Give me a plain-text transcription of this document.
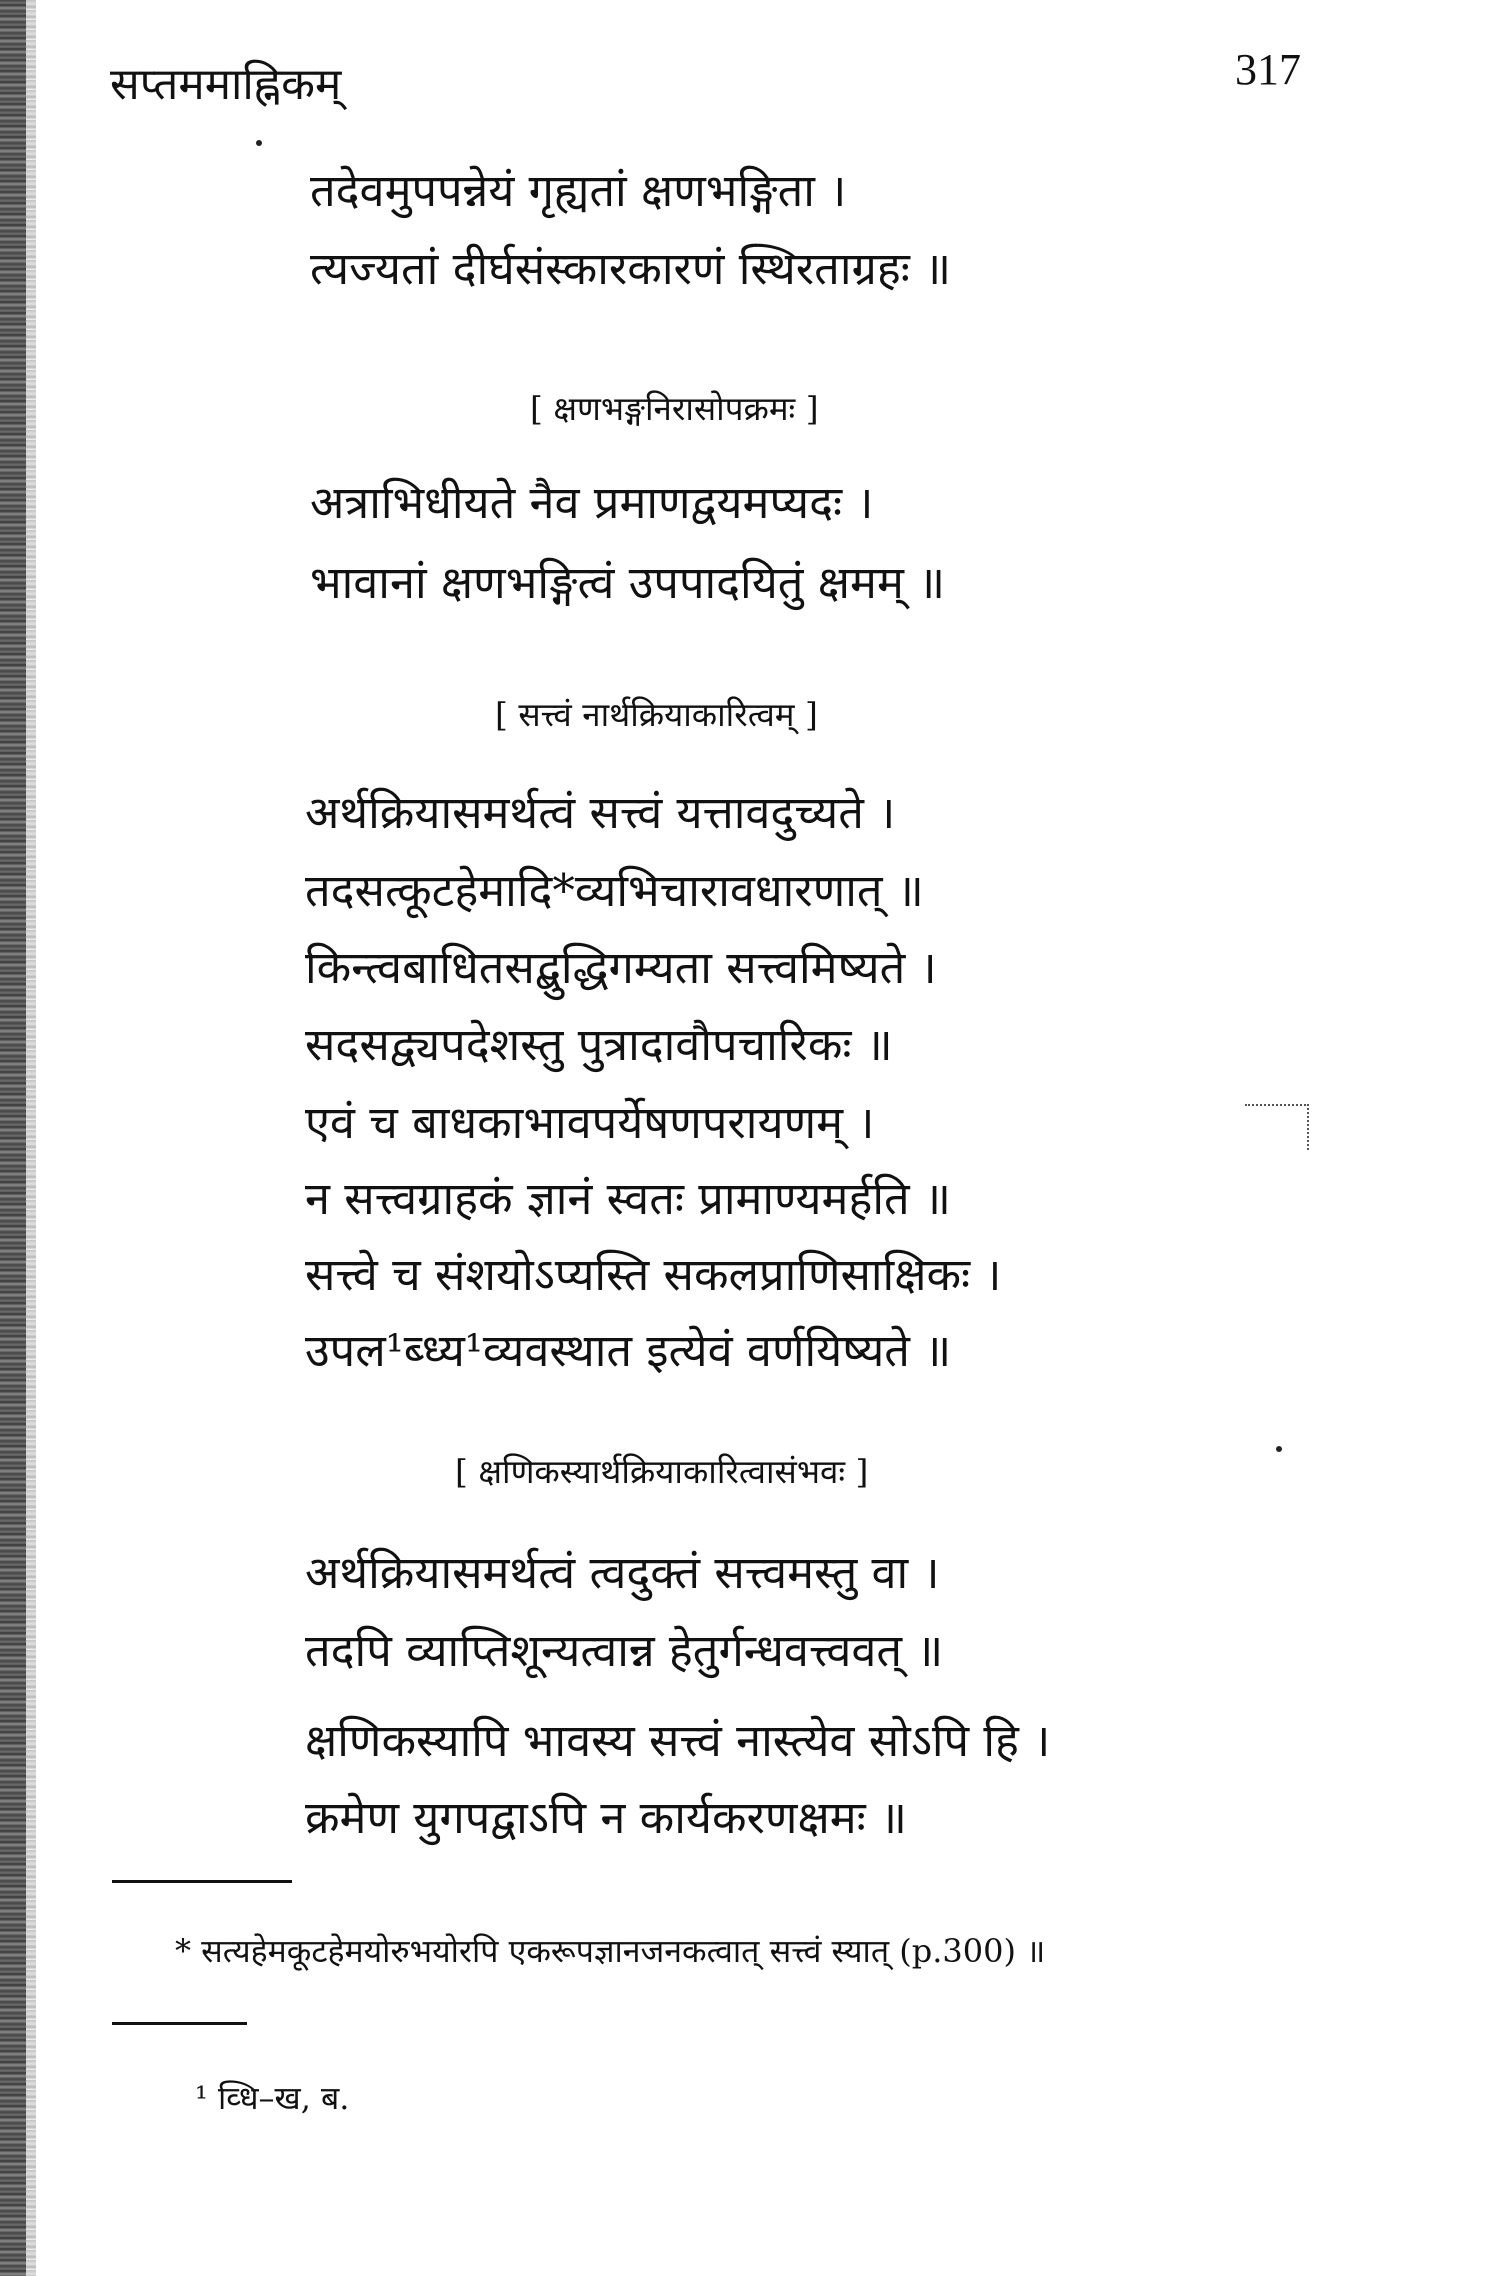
सप्तममाह्निकम्	317
तदेवमुपपन्नेयं गृह्यतां क्षणभङ्गिता ।
त्यज्यतां दीर्घसंस्कारकारणं स्थिरताग्रहः ॥
[ क्षणभङ्गनिरासोपक्रमः ]
अत्राभिधीयते नैव प्रमाणद्वयमप्यदः ।
भावानां क्षणभङ्गित्वं उपपादयितुं क्षमम् ॥
[ सत्त्वं नार्थक्रियाकारित्वम् ]
अर्थक्रियासमर्थत्वं सत्त्वं यत्तावदुच्यते ।
तदसत्कूटहेमादि*व्यभिचारावधारणात् ॥
किन्त्वबाधितसद्बुद्धिगम्यता सत्त्वमिष्यते ।
सदसद्व्यपदेशस्तु पुत्रादावौपचारिकः ॥
एवं च बाधकाभावपर्येषणपरायणम् ।
न सत्त्वग्राहकं ज्ञानं स्वतः प्रामाण्यमर्हति ॥
सत्त्वे च संशयोऽप्यस्ति सकलप्राणिसाक्षिकः ।
उपल¹ब्ध्य¹व्यवस्थात इत्येवं वर्णयिष्यते ॥
[ क्षणिकस्यार्थक्रियाकारित्वासंभवः ]
अर्थक्रियासमर्थत्वं त्वदुक्तं सत्त्वमस्तु वा ।
तदपि व्याप्तिशून्यत्वान्न हेतुर्गन्धवत्त्ववत् ॥
क्षणिकस्यापि भावस्य सत्त्वं नास्त्येव सोऽपि हि ।
क्रमेण युगपद्वाऽपि न कार्यकरणक्षमः ॥
* सत्यहेमकूटहेमयोरुभयोरपि एकरूपज्ञानजनकत्वात् सत्त्वं स्यात् (p.300) ॥
¹ व्धि–ख, ब.
